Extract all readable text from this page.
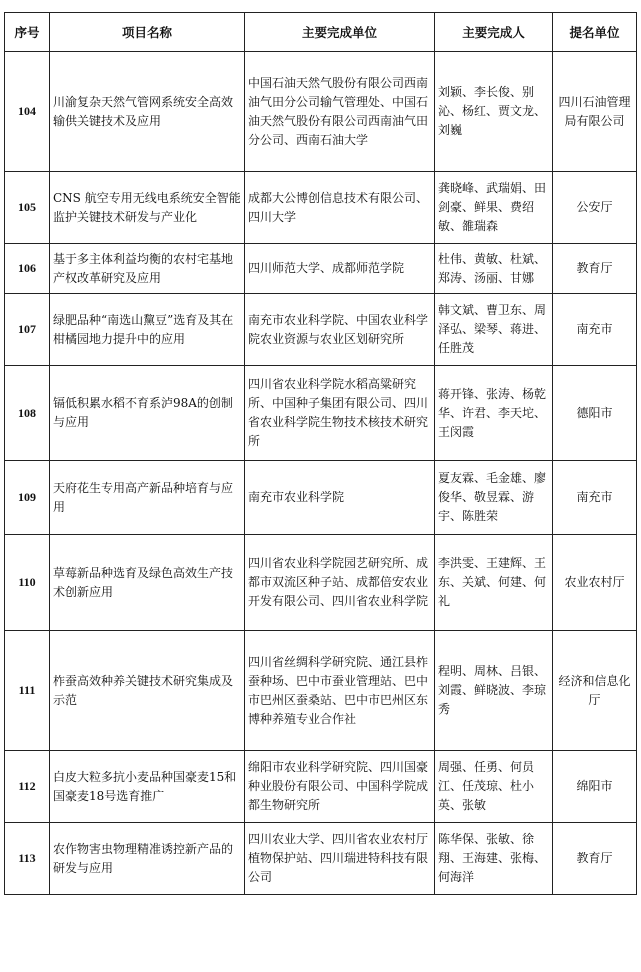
序号	项目名称	主要完成单位	主要完成人	提名单位
104	川渝复杂天然气管网系统安全高效输供关键技术及应用	中国石油天然气股份有限公司西南油气田分公司输气管理处、中国石油天然气股份有限公司西南油气田分公司、西南石油大学	刘颖、李长俊、别沁、杨红、贾文龙、刘巍	四川石油管理局有限公司
105	CNS 航空专用无线电系统安全智能监护关键技术研发与产业化	成都大公博创信息技术有限公司、四川大学	龚晓峰、武瑞娟、田剑豪、鲜果、费绍敏、雒瑞森	公安厅
106	基于多主体利益均衡的农村宅基地产权改革研究及应用	四川师范大学、成都师范学院	杜伟、黄敏、杜斌、郑涛、汤丽、甘娜	教育厅
107	绿肥品种“南选山黧豆”选育及其在柑橘园地力提升中的应用	南充市农业科学院、中国农业科学院农业资源与农业区划研究所	韩文斌、曹卫东、周泽弘、梁琴、蒋进、任胜茂	南充市
108	镉低积累水稻不育系泸98A的创制与应用	四川省农业科学院水稻高粱研究所、中国种子集团有限公司、四川省农业科学院生物技术核技术研究所	蒋开锋、张涛、杨乾华、许君、李天坨、王闵霞	德阳市
109	天府花生专用高产新品种培育与应用	南充市农业科学院	夏友霖、毛金雄、廖俊华、敬昱霖、游宇、陈胜荣	南充市
110	草莓新品种选育及绿色高效生产技术创新应用	四川省农业科学院园艺研究所、成都市双流区种子站、成都倍安农业开发有限公司、四川省农业科学院	李洪雯、王建辉、王东、关斌、何建、何礼	农业农村厅
111	柞蚕高效种养关键技术研究集成及示范	四川省丝绸科学研究院、通江县柞蚕种场、巴中市蚕业管理站、巴中市巴州区蚕桑站、巴中市巴州区东博种养殖专业合作社	程明、周林、吕银、刘霞、鲜晓波、李琼秀	经济和信息化厅
112	白皮大粒多抗小麦品种国豪麦15和国豪麦18号选育推广	绵阳市农业科学研究院、四川国豪种业股份有限公司、中国科学院成都生物研究所	周强、任勇、何员江、任茂琼、杜小英、张敏	绵阳市
113	农作物害虫物理精准诱控新产品的研发与应用	四川农业大学、四川省农业农村厅植物保护站、四川瑞进特科技有限公司	陈华保、张敏、徐翔、王海建、张梅、何海洋	教育厅
